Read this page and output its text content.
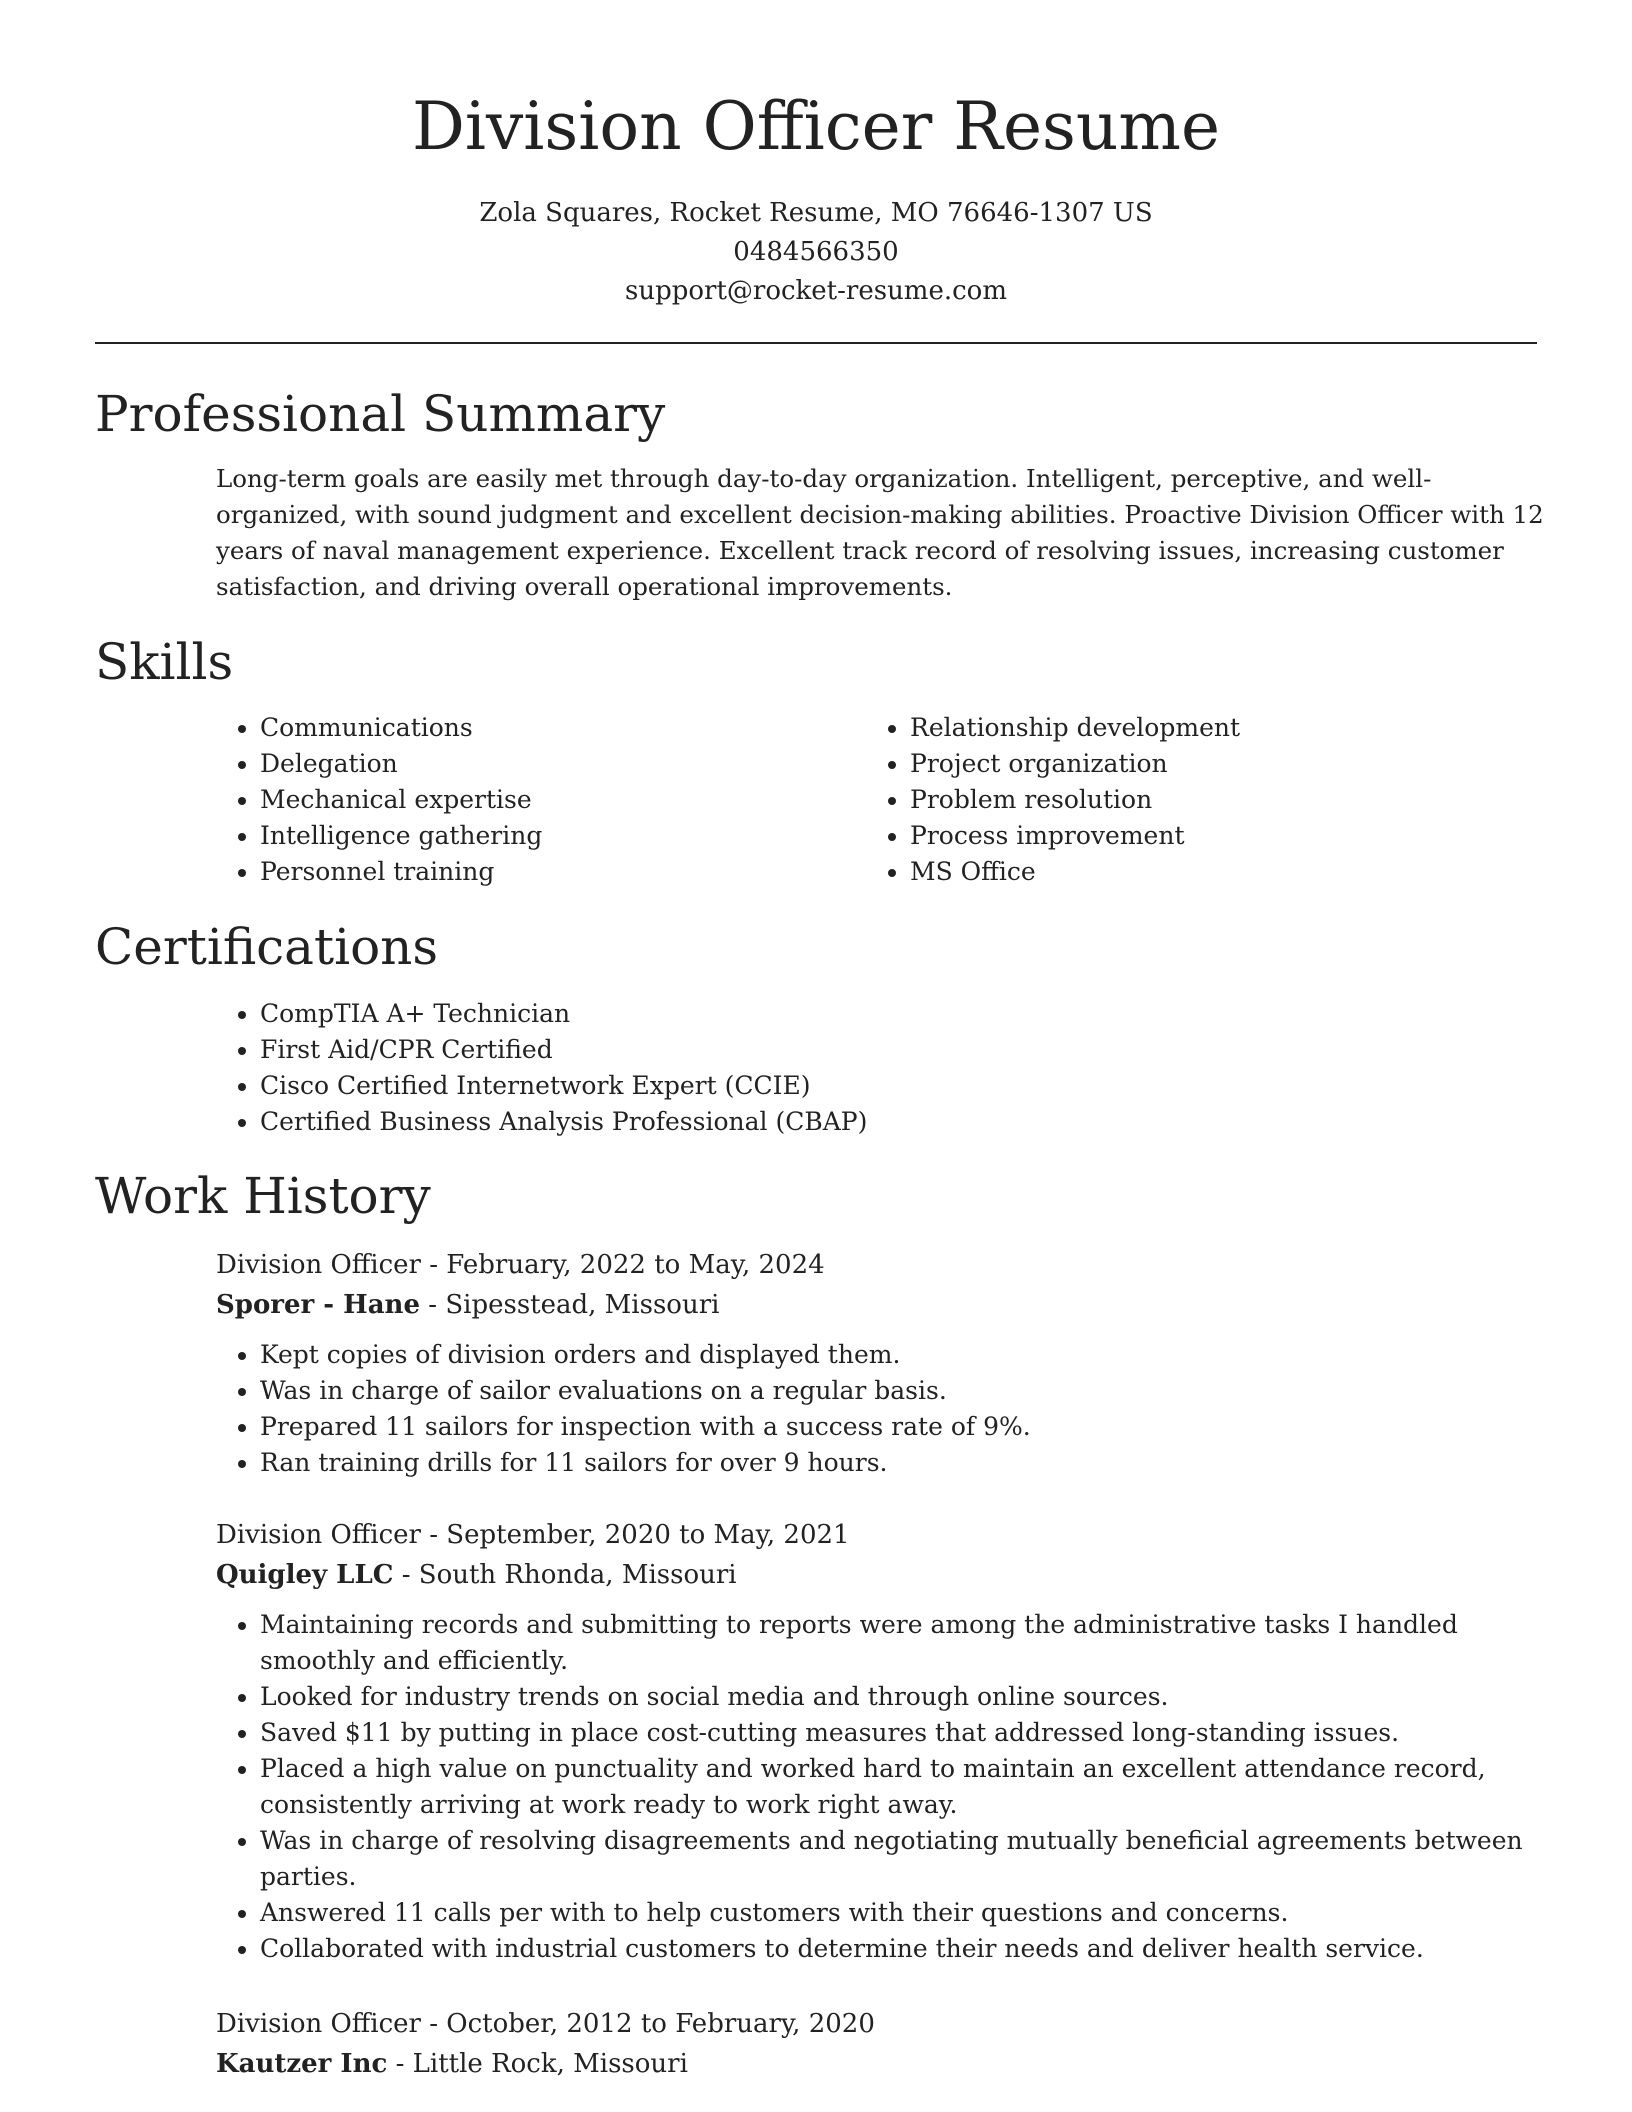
Division Officer Resume
Zola Squares, Rocket Resume, MO 76646-1307 US
0484566350
support@rocket-resume.com
Professional Summary

Long-term goals are easily met through day-to-day organization. Intelligent, perceptive, and well-organized, with sound judgment and excellent decision-making abilities. Proactive Division Officer with 12 years of naval management experience. Excellent track record of resolving issues, increasing customer satisfaction, and driving overall operational improvements.

Skills
• Communications
• Delegation
• Mechanical expertise
• Intelligence gathering
• Personnel training
• Relationship development
• Project organization
• Problem resolution
• Process improvement
• MS Office
Certifications
• CompTIA A+ Technician
• First Aid/CPR Certified
• Cisco Certified Internetwork Expert (CCIE)
• Certified Business Analysis Professional (CBAP)
Work History
Division Officer - February, 2022 to May, 2024
Sporer - Hane - Sipesstead, Missouri
• Kept copies of division orders and displayed them.
• Was in charge of sailor evaluations on a regular basis.
• Prepared 11 sailors for inspection with a success rate of 9%.
• Ran training drills for 11 sailors for over 9 hours.
Division Officer - September, 2020 to May, 2021
Quigley LLC - South Rhonda, Missouri
• Maintaining records and submitting to reports were among the administrative tasks I handled smoothly and efficiently.
• Looked for industry trends on social media and through online sources.
• Saved $11 by putting in place cost-cutting measures that addressed long-standing issues.
• Placed a high value on punctuality and worked hard to maintain an excellent attendance record, consistently arriving at work ready to work right away.
• Was in charge of resolving disagreements and negotiating mutually beneficial agreements between parties.
• Answered 11 calls per with to help customers with their questions and concerns.
• Collaborated with industrial customers to determine their needs and deliver health service.
Division Officer - October, 2012 to February, 2020
Kautzer Inc - Little Rock, Missouri
